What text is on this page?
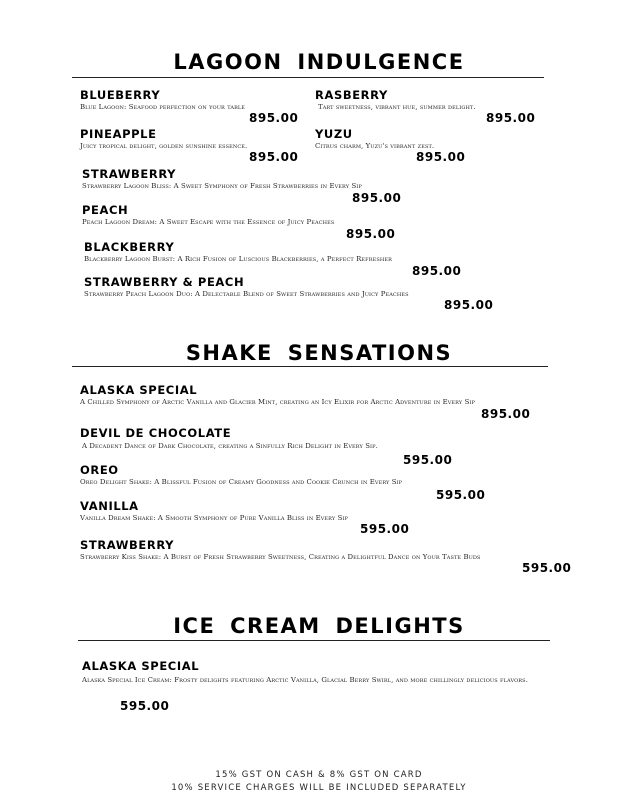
LAGOON INDULGENCE
BLUEBERRY
Blue Lagoon: Seafood perfection on your table
895.00
RASBERRY
Tart sweetness, vibrant hue, summer delight.
895.00
PINEAPPLE
Juicy tropical delight, golden sunshine essence.
895.00
YUZU
Citrus charm, Yuzu's vibrant zest.
895.00
STRAWBERRY
Strawberry Lagoon Bliss: A Sweet Symphony of Fresh Strawberries in Every Sip
895.00
PEACH
Peach Lagoon Dream: A Sweet Escape with the Essence of Juicy Peaches
895.00
BLACKBERRY
Blackberry Lagoon Burst: A Rich Fusion of Luscious Blackberries, a Perfect Refresher
895.00
STRAWBERRY & PEACH
Strawberry Peach Lagoon Duo: A Delectable Blend of Sweet Strawberries and Juicy Peaches
895.00
SHAKE SENSATIONS
ALASKA SPECIAL
A Chilled Symphony of Arctic Vanilla and Glacier Mint, creating an Icy Elixir for Arctic Adventure in Every Sip
895.00
DEVIL DE CHOCOLATE
A Decadent Dance of Dark Chocolate, creating a Sinfully Rich Delight in Every Sip.
595.00
OREO
Oreo Delight Shake: A Blissful Fusion of Creamy Goodness and Cookie Crunch in Every Sip
595.00
VANILLA
Vanilla Dream Shake: A Smooth Symphony of Pure Vanilla Bliss in Every Sip
595.00
STRAWBERRY
Strawberry Kiss Shake: A Burst of Fresh Strawberry Sweetness, Creating a Delightful Dance on Your Taste Buds
595.00
ICE CREAM DELIGHTS
ALASKA SPECIAL
Alaska Special Ice Cream: Frosty delights featuring Arctic Vanilla, Glacial Berry Swirl, and more chillingly delicious flavors.
595.00
15% GST ON CASH & 8% GST ON CARD
10% SERVICE CHARGES WILL BE INCLUDED SEPARATELY
